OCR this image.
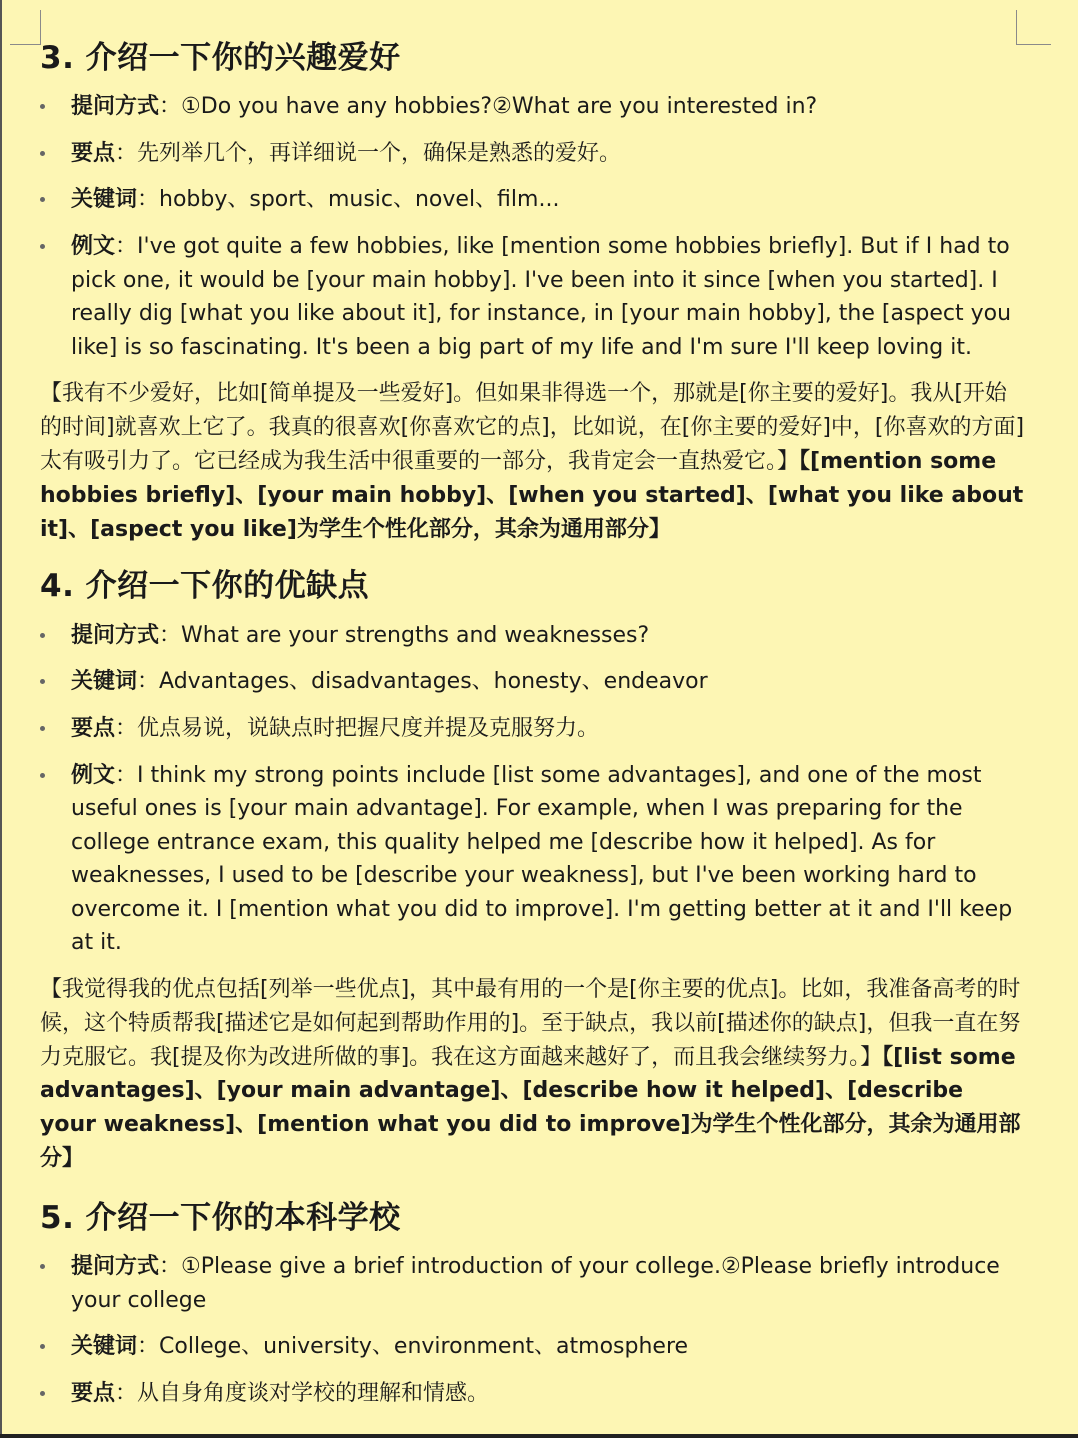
3. 介绍一下你的兴趣爱好
提问方式：①Do you have any hobbies?②What are you interested in?
要点：先列举几个，再详细说一个，确保是熟悉的爱好。
关键词：hobby、sport、music、novel、film...
例文：I've got quite a few hobbies, like [mention some hobbies briefly]. But if I had to pick one, it would be [your main hobby]. I've been into it since [when you started]. I really dig [what you like about it], for instance, in [your main hobby], the [aspect you like] is so fascinating. It's been a big part of my life and I'm sure I'll keep loving it.

【我有不少爱好，比如[简单提及一些爱好]。但如果非得选一个，那就是[你主要的爱好]。我从[开始的时间]就喜欢上它了。我真的很喜欢[你喜欢它的点]，比如说，在[你主要的爱好]中，[你喜欢的方面]太有吸引力了。它已经成为我生活中很重要的一部分，我肯定会一直热爱它。】【[mention some hobbies briefly]、[your main hobby]、[when you started]、[what you like about it]、[aspect you like]为学生个性化部分，其余为通用部分】

4. 介绍一下你的优缺点
提问方式：What are your strengths and weaknesses?
关键词：Advantages、disadvantages、honesty、endeavor
要点：优点易说，说缺点时把握尺度并提及克服努力。
例文：I think my strong points include [list some advantages], and one of the most useful ones is [your main advantage]. For example, when I was preparing for the college entrance exam, this quality helped me [describe how it helped]. As for weaknesses, I used to be [describe your weakness], but I've been working hard to overcome it. I [mention what you did to improve]. I'm getting better at it and I'll keep at it.

【我觉得我的优点包括[列举一些优点]，其中最有用的一个是[你主要的优点]。比如，我准备高考的时候，这个特质帮我[描述它是如何起到帮助作用的]。至于缺点，我以前[描述你的缺点]，但我一直在努力克服它。我[提及你为改进所做的事]。我在这方面越来越好了，而且我会继续努力。】【[list some advantages]、[your main advantage]、[describe how it helped]、[describe your weakness]、[mention what you did to improve]为学生个性化部分，其余为通用部分】

5. 介绍一下你的本科学校
提问方式：①Please give a brief introduction of your college.②Please briefly introduce your college
关键词：College、university、environment、atmosphere
要点：从自身角度谈对学校的理解和情感。
